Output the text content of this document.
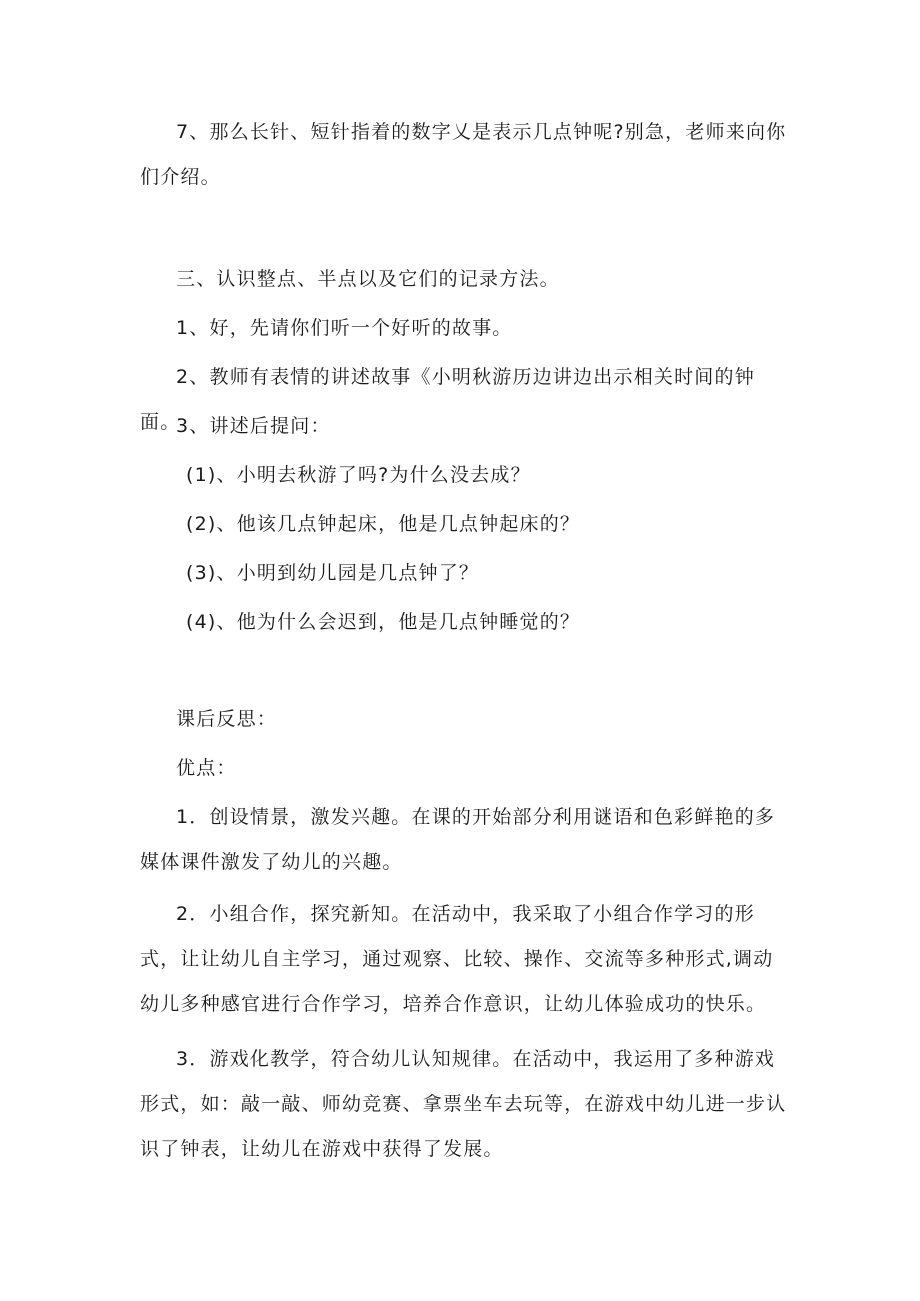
7、那么长针、短针指着的数字乂是表示几点钟呢?别急，老师来向你们介绍。

三、认识整点、半点以及它们的记录方法。

1、好，先请你们听一个好听的故事。

2、教师有表情的讲述故事《小明秋游历边讲边出示相关时间的钟面。

3、讲述后提问：

(1)、小明去秋游了吗?为什么没去成？

(2)、他该几点钟起床，他是几点钟起床的？

(3)、小明到幼儿园是几点钟了？

(4)、他为什么会迟到，他是几点钟睡觉的？

课后反思：

优点：

1．创设情景，激发兴趣。在课的开始部分利用谜语和色彩鲜艳的多媒体课件激发了幼儿的兴趣。

2．小组合作，探究新知。在活动中，我采取了小组合作学习的形式，让让幼儿自主学习，通过观察、比较、操作、交流等多种形式,调动幼儿多种感官进行合作学习，培养合作意识，让幼儿体验成功的快乐。

3．游戏化教学，符合幼儿认知规律。在活动中，我运用了多种游戏形式，如：敲一敲、师幼竞赛、拿票坐车去玩等，在游戏中幼儿进一步认识了钟表，让幼儿在游戏中获得了发展。
